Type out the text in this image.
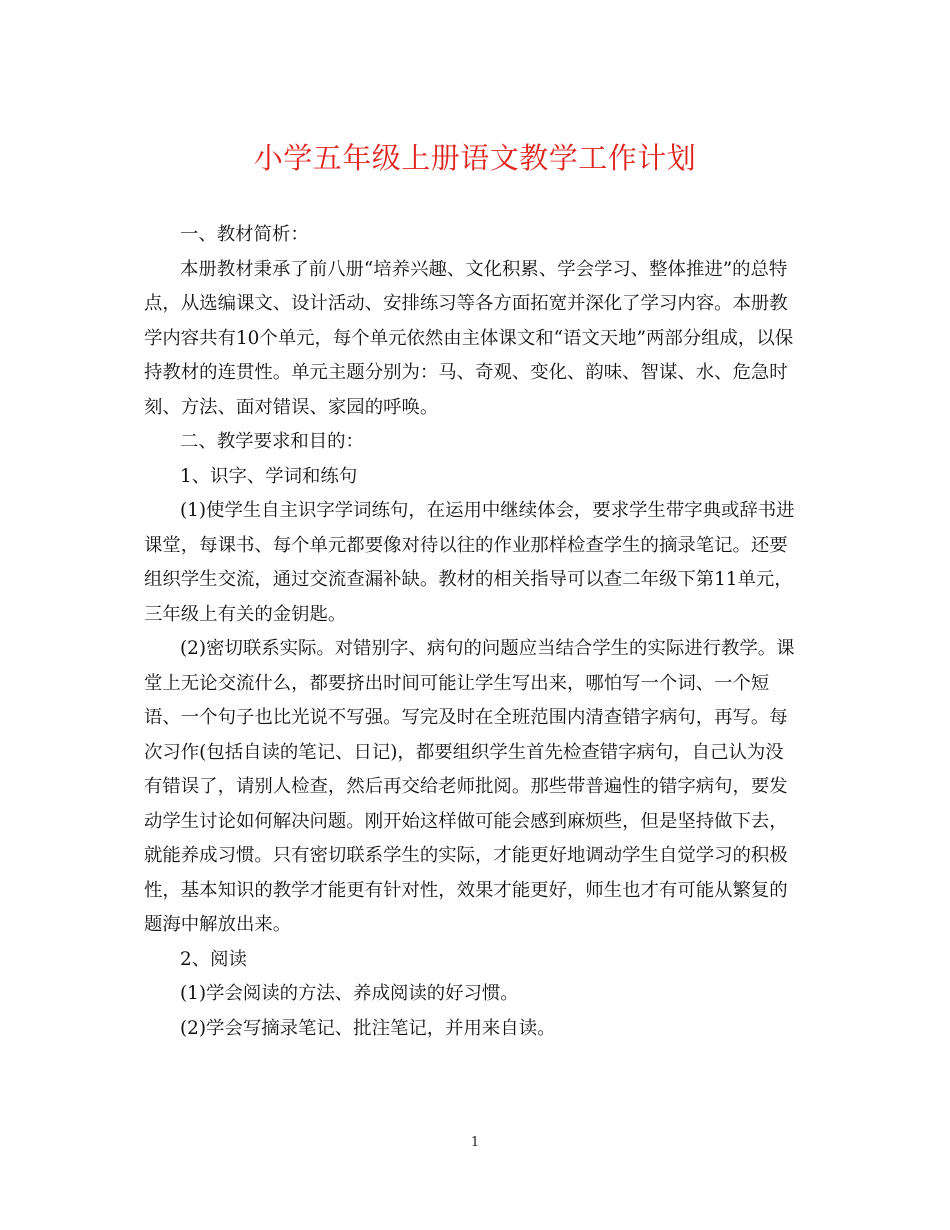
小学五年级上册语文教学工作计划
一、教材简析：
本册教材秉承了前八册“培养兴趣、文化积累、学会学习、整体推进”的总特
点，从选编课文、设计活动、安排练习等各方面拓宽并深化了学习内容。本册教
学内容共有10个单元，每个单元依然由主体课文和“语文天地”两部分组成，以保
持教材的连贯性。单元主题分别为：马、奇观、变化、韵味、智谋、水、危急时
刻、方法、面对错误、家园的呼唤。
二、教学要求和目的：
1、识字、学词和练句
(1)使学生自主识字学词练句，在运用中继续体会，要求学生带字典或辞书进
课堂，每课书、每个单元都要像对待以往的作业那样检查学生的摘录笔记。还要
组织学生交流，通过交流查漏补缺。教材的相关指导可以查二年级下第11单元，
三年级上有关的金钥匙。
(2)密切联系实际。对错别字、病句的问题应当结合学生的实际进行教学。课
堂上无论交流什么，都要挤出时间可能让学生写出来，哪怕写一个词、一个短
语、一个句子也比光说不写强。写完及时在全班范围内清查错字病句，再写。每
次习作(包括自读的笔记、日记)，都要组织学生首先检查错字病句，自己认为没
有错误了，请别人检查，然后再交给老师批阅。那些带普遍性的错字病句，要发
动学生讨论如何解决问题。刚开始这样做可能会感到麻烦些，但是坚持做下去，
就能养成习惯。只有密切联系学生的实际，才能更好地调动学生自觉学习的积极
性，基本知识的教学才能更有针对性，效果才能更好，师生也才有可能从繁复的
题海中解放出来。
2、阅读
(1)学会阅读的方法、养成阅读的好习惯。
(2)学会写摘录笔记、批注笔记，并用来自读。
1
